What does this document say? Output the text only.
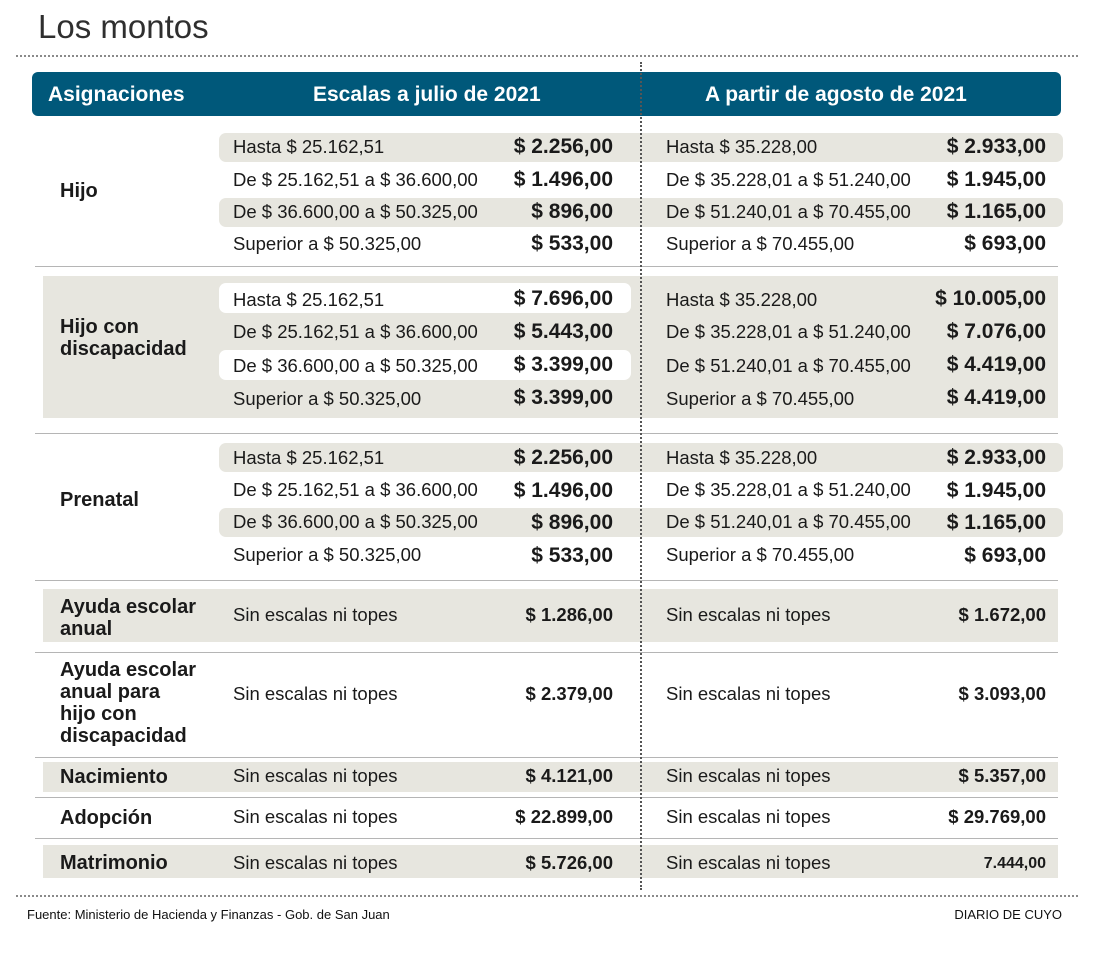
Los montos
Asignaciones	Escalas a julio de 2021	A partir de agosto de 2021
Hijo
Hasta $ 25.162,51	$ 2.256,00	Hasta $ 35.228,00	$ 2.933,00
De $ 25.162,51 a $ 36.600,00 $ 1.496,00	De $ 35.228,01 a $ 51.240,00 $ 1.945,00
De $ 36.600,00 a $ 50.325,00	$ 896,00	De $ 51.240,01 a $ 70.455,00 $ 1.165,00
Superior a $ 50.325,00	$ 533,00	Superior a $ 70.455,00	$ 693,00
Hijo con
discapacidad
Hasta $ 25.162,51	$ 7.696,00	Hasta $ 35.228,00	$ 10.005,00
De $ 25.162,51 a $ 36.600,00 $ 5.443,00	De $ 35.228,01 a $ 51.240,00 $ 7.076,00
De $ 36.600,00 a $ 50.325,00 $ 3.399,00	De $ 51.240,01 a $ 70.455,00 $ 4.419,00
Superior a $ 50.325,00	$ 3.399,00	Superior a $ 70.455,00	$ 4.419,00
Prenatal
Hasta $ 25.162,51	$ 2.256,00	Hasta $ 35.228,00	$ 2.933,00
De $ 25.162,51 a $ 36.600,00 $ 1.496,00	De $ 35.228,01 a $ 51.240,00 $ 1.945,00
De $ 36.600,00 a $ 50.325,00	$ 896,00	De $ 51.240,01 a $ 70.455,00 $ 1.165,00
Superior a $ 50.325,00	$ 533,00	Superior a $ 70.455,00	$ 693,00
Ayuda escolar
anual
Sin escalas ni topes	$ 1.286,00	Sin escalas ni topes	$ 1.672,00
Ayuda escolar
anual para
hijo con
discapacidad
Sin escalas ni topes	$ 2.379,00	Sin escalas ni topes	$ 3.093,00
Nacimiento	Sin escalas ni topes	$ 4.121,00	Sin escalas ni topes	$ 5.357,00
Adopción	Sin escalas ni topes	$ 22.899,00	Sin escalas ni topes	$ 29.769,00
Matrimonio	Sin escalas ni topes	$ 5.726,00	Sin escalas ni topes	7.444,00
Fuente: Ministerio de Hacienda y Finanzas - Gob. de San Juan	DIARIO DE CUYO
